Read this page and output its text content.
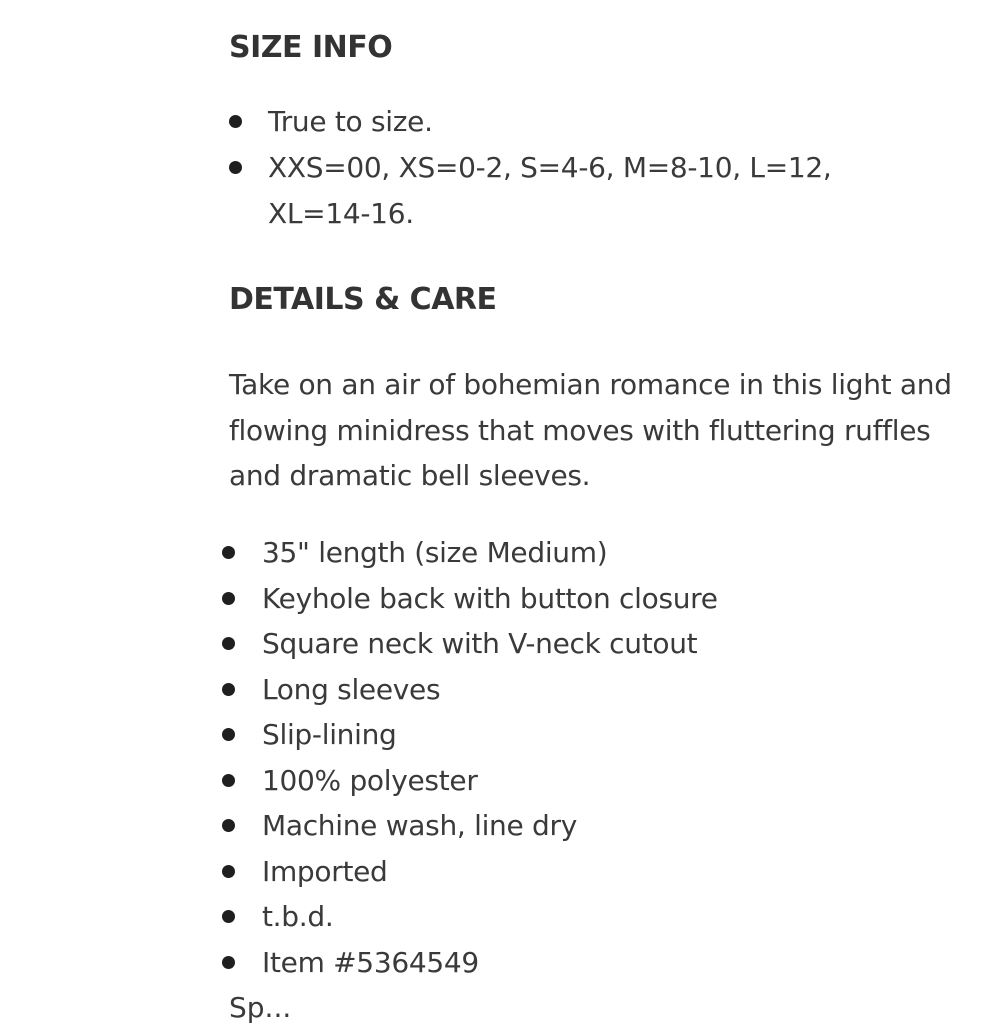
SIZE INFO
True to size.
XXS=00, XS=0-2, S=4-6, M=8-10, L=12, XL=14-16.
DETAILS & CARE

Take on an air of bohemian romance in this light and flowing minidress that moves with fluttering ruffles and dramatic bell sleeves.

35" length (size Medium)
Keyhole back with button closure
Square neck with V-neck cutout
Long sleeves
Slip-lining
100% polyester
Machine wash, line dry
Imported
t.b.d.
Item #5364549
Sp...
